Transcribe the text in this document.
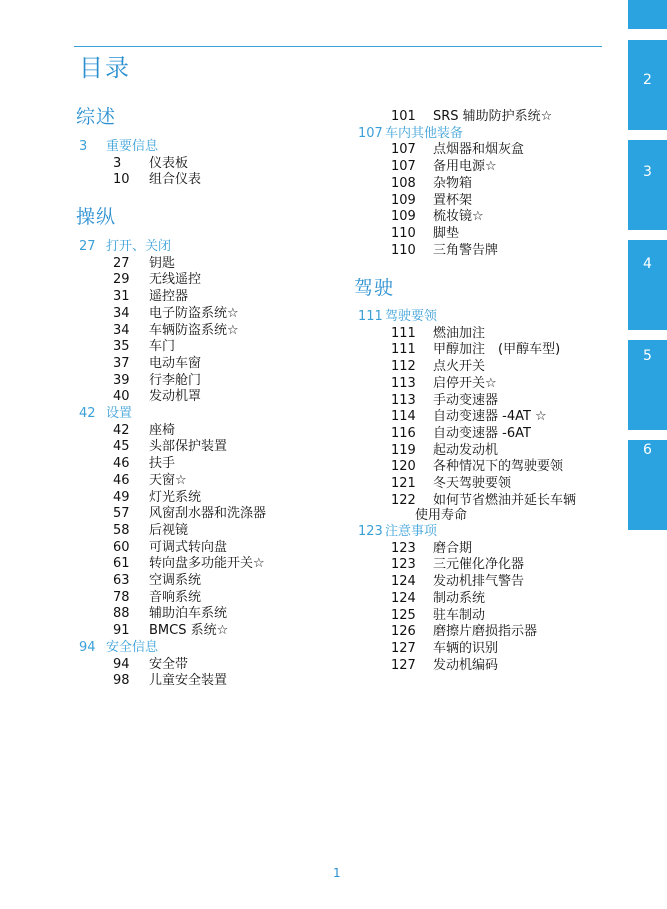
目录
综述
操纵
驾驶
3 重要信息
3 仪表板
10 组合仪表
27 打开、关闭
27 钥匙
29 无线遥控
31 遥控器
34 电子防盗系统☆
34 车辆防盗系统☆
35 车门
37 电动车窗
39 行李舱门
40 发动机罩
42 设置
42 座椅
45 头部保护装置
46 扶手
46 天窗☆
49 灯光系统
57 风窗刮水器和洗涤器
58 后视镜
60 可调式转向盘
61 转向盘多功能开关☆
63 空调系统
78 音响系统
88 辅助泊车系统
91 BMCS 系统☆
94 安全信息
94 安全带
98 儿童安全装置
101 SRS 辅助防护系统☆
107 车内其他装备
107 点烟器和烟灰盒
107 备用电源☆
108 杂物箱
109 置杯架
109 梳妆镜☆
110 脚垫
110 三角警告牌
111 驾驶要领
111 燃油加注
111 甲醇加注　(甲醇车型)
112 点火开关
113 启停开关☆
113 手动变速器
114 自动变速器 -4AT ☆
116 自动变速器 -6AT
119 起动发动机
120 各种情况下的驾驶要领
121 冬天驾驶要领
122 如何节省燃油并延长车辆
使用寿命
123 注意事项
123 磨合期
123 三元催化净化器
124 发动机排气警告
124 制动系统
125 驻车制动
126 磨擦片磨损指示器
127 车辆的识别
127 发动机编码
2
3
4
5
6
1
